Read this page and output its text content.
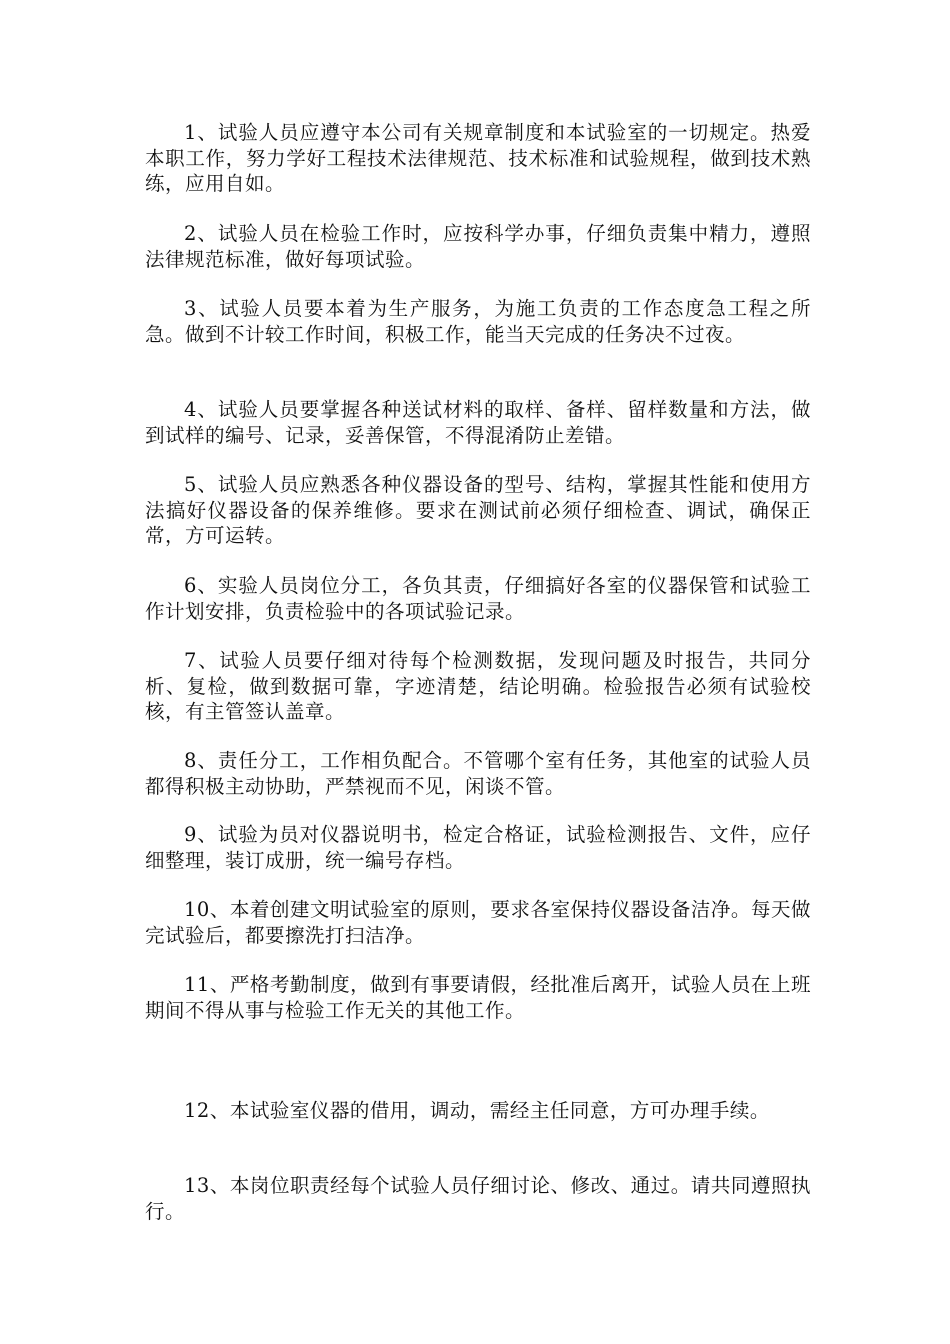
1、试验人员应遵守本公司有关规章制度和本试验室的一切规定。热爱本职工作，努力学好工程技术法律规范、技术标准和试验规程，做到技术熟练，应用自如。

2、试验人员在检验工作时，应按科学办事，仔细负责集中精力，遵照法律规范标准，做好每项试验。

3、试验人员要本着为生产服务，为施工负责的工作态度急工程之所急。做到不计较工作时间，积极工作，能当天完成的任务决不过夜。

4、试验人员要掌握各种送试材料的取样、备样、留样数量和方法，做到试样的编号、记录，妥善保管，不得混淆防止差错。

5、试验人员应熟悉各种仪器设备的型号、结构，掌握其性能和使用方法搞好仪器设备的保养维修。要求在测试前必须仔细检查、调试，确保正常，方可运转。

6、实验人员岗位分工，各负其责，仔细搞好各室的仪器保管和试验工作计划安排，负责检验中的各项试验记录。

7、试验人员要仔细对待每个检测数据，发现问题及时报告，共同分析、复检，做到数据可靠，字迹清楚，结论明确。检验报告必须有试验校核，有主管签认盖章。

8、责任分工，工作相负配合。不管哪个室有任务，其他室的试验人员都得积极主动协助，严禁视而不见，闲谈不管。

9、试验为员对仪器说明书，检定合格证，试验检测报告、文件，应仔细整理，装订成册，统一编号存档。

10、本着创建文明试验室的原则，要求各室保持仪器设备洁净。每天做完试验后，都要擦洗打扫洁净。

11、严格考勤制度，做到有事要请假，经批准后离开，试验人员在上班期间不得从事与检验工作无关的其他工作。

12、本试验室仪器的借用，调动，需经主任同意，方可办理手续。

13、本岗位职责经每个试验人员仔细讨论、修改、通过。请共同遵照执行。
